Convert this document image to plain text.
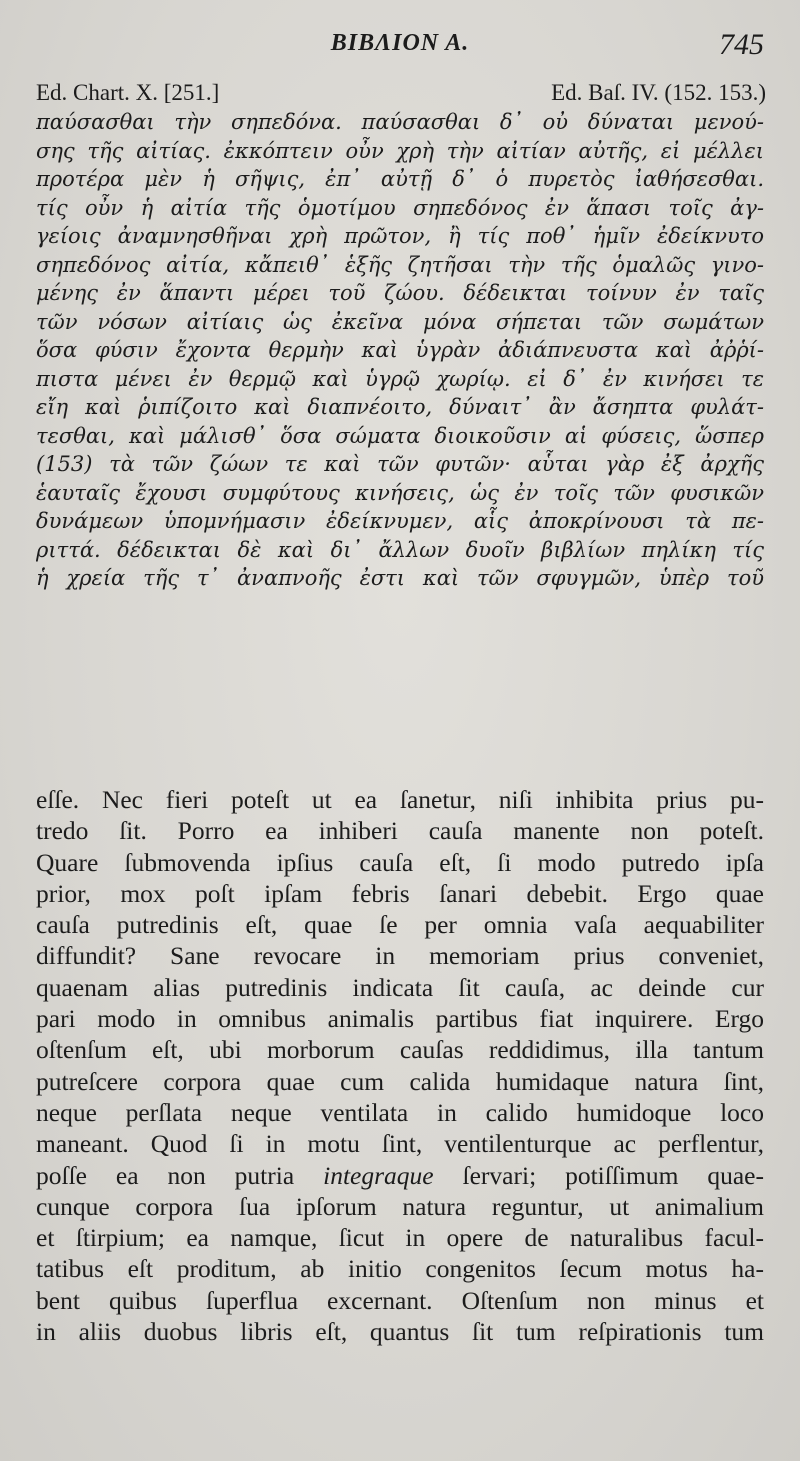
ΒΙΒΛΙΟΝ Α.	745
Ed. Chart. X. [251.]	Ed. Baſ. IV. (152. 153.)
παύσασθαι τὴν σηπεδόνα. παύσασθαι δ᾽ οὐ δύναται μενού-
σης τῆς αἰτίας. ἐκκόπτειν οὖν χρὴ τὴν αἰτίαν αὐτῆς, εἰ μέλλει
προτέρα μὲν ἡ σῆψις, ἐπ᾽ αὐτῇ δ᾽ ὁ πυρετὸς ἰαθήσεσθαι.
τίς οὖν ἡ αἰτία τῆς ὁμοτίμου σηπεδόνος ἐν ἅπασι τοῖς ἀγ-
γείοις ἀναμνησθῆναι χρὴ πρῶτον, ἢ τίς ποθ᾽ ἡμῖν ἐδείκνυτο
σηπεδόνος αἰτία, κἄπειθ᾽ ἑξῆς ζητῆσαι τὴν τῆς ὁμαλῶς γινο-
μένης ἐν ἅπαντι μέρει τοῦ ζώου. δέδεικται τοίνυν ἐν ταῖς
τῶν νόσων αἰτίαις ὡς ἐκεῖνα μόνα σήπεται τῶν σωμάτων
ὅσα φύσιν ἔχοντα θερμὴν καὶ ὑγρὰν ἀδιάπνευστα καὶ ἀῤῥί-
πιστα μένει ἐν θερμῷ καὶ ὑγρῷ χωρίῳ. εἰ δ᾽ ἐν κινήσει τε
εἴη καὶ ῥιπίζοιτο καὶ διαπνέοιτο, δύναιτ᾽ ἂν ἄσηπτα φυλάτ-
τεσθαι, καὶ μάλισθ᾽ ὅσα σώματα διοικοῦσιν αἱ φύσεις, ὥσπερ
(153) τὰ τῶν ζώων τε καὶ τῶν φυτῶν· αὗται γὰρ ἐξ ἀρχῆς
ἑαυταῖς ἔχουσι συμφύτους κινήσεις, ὡς ἐν τοῖς τῶν φυσικῶν
δυνάμεων ὑπομνήμασιν ἐδείκνυμεν, αἷς ἀποκρίνουσι τὰ πε-
ριττά. δέδεικται δὲ καὶ δι᾽ ἄλλων δυοῖν βιβλίων πηλίκη τίς
ἡ χρεία τῆς τ᾽ ἀναπνοῆς ἐστι καὶ τῶν σφυγμῶν, ὑπὲρ τοῦ
eſſe. Nec fieri poteſt ut ea ſanetur, niſi inhibita prius pu-
tredo ſit. Porro ea inhiberi cauſa manente non poteſt.
Quare ſubmovenda ipſius cauſa eſt, ſi modo putredo ipſa
prior, mox poſt ipſam febris ſanari debebit. Ergo quae
cauſa putredinis eſt, quae ſe per omnia vaſa aequabiliter
diffundit? Sane revocare in memoriam prius conveniet,
quaenam alias putredinis indicata ſit cauſa, ac deinde cur
pari modo in omnibus animalis partibus fiat inquirere. Ergo
oſtenſum eſt, ubi morborum cauſas reddidimus, illa tantum
putreſcere corpora quae cum calida humidaque natura ſint,
neque perſlata neque ventilata in calido humidoque loco
maneant. Quod ſi in motu ſint, ventilenturque ac perflentur,
poſſe ea non putria integraque ſervari; potiſſimum quae-
cunque corpora ſua ipſorum natura reguntur, ut animalium
et ſtirpium; ea namque, ſicut in opere de naturalibus facul-
tatibus eſt proditum, ab initio congenitos ſecum motus ha-
bent quibus ſuperflua excernant. Oſtenſum non minus et
in aliis duobus libris eſt, quantus ſit tum reſpirationis tum
